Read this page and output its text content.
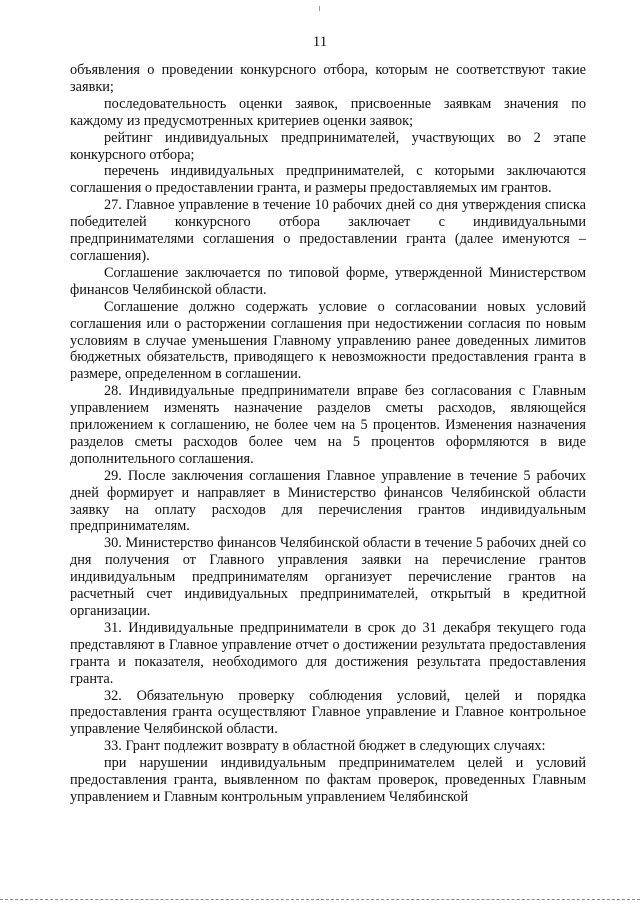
11

объявления о проведении конкурсного отбора, которым не соответствуют такие заявки;

последовательность оценки заявок, присвоенные заявкам значения по каждому из предусмотренных критериев оценки заявок;

рейтинг индивидуальных предпринимателей, участвующих во 2 этапе конкурсного отбора;

перечень индивидуальных предпринимателей, с которыми заключаются соглашения о предоставлении гранта, и размеры предоставляемых им грантов.

27. Главное управление в течение 10 рабочих дней со дня утверждения списка победителей конкурсного отбора заключает с индивидуальными предпринимателями соглашения о предоставлении гранта (далее именуются – соглашения).

Соглашение заключается по типовой форме, утвержденной Министерством финансов Челябинской области.

Соглашение должно содержать условие о согласовании новых условий соглашения или о расторжении соглашения при недостижении согласия по новым условиям в случае уменьшения Главному управлению ранее доведенных лимитов бюджетных обязательств, приводящего к невозможности предоставления гранта в размере, определенном в соглашении.

28. Индивидуальные предприниматели вправе без согласования с Главным управлением изменять назначение разделов сметы расходов, являющейся приложением к соглашению, не более чем на 5 процентов. Изменения назначения разделов сметы расходов более чем на 5 процентов оформляются в виде дополнительного соглашения.

29. После заключения соглашения Главное управление в течение 5 рабочих дней формирует и направляет в Министерство финансов Челябинской области заявку на оплату расходов для перечисления грантов индивидуальным предпринимателям.

30. Министерство финансов Челябинской области в течение 5 рабочих дней со дня получения от Главного управления заявки на перечисление грантов индивидуальным предпринимателям организует перечисление грантов на расчетный счет индивидуальных предпринимателей, открытый в кредитной организации.

31. Индивидуальные предприниматели в срок до 31 декабря текущего года представляют в Главное управление отчет о достижении результата предоставления гранта и показателя, необходимого для достижения результата предоставления гранта.

32. Обязательную проверку соблюдения условий, целей и порядка предоставления гранта осуществляют Главное управление и Главное контрольное управление Челябинской области.

33. Грант подлежит возврату в областной бюджет в следующих случаях:

при нарушении индивидуальным предпринимателем целей и условий предоставления гранта, выявленном по фактам проверок, проведенных Главным управлением и Главным контрольным управлением Челябинской
